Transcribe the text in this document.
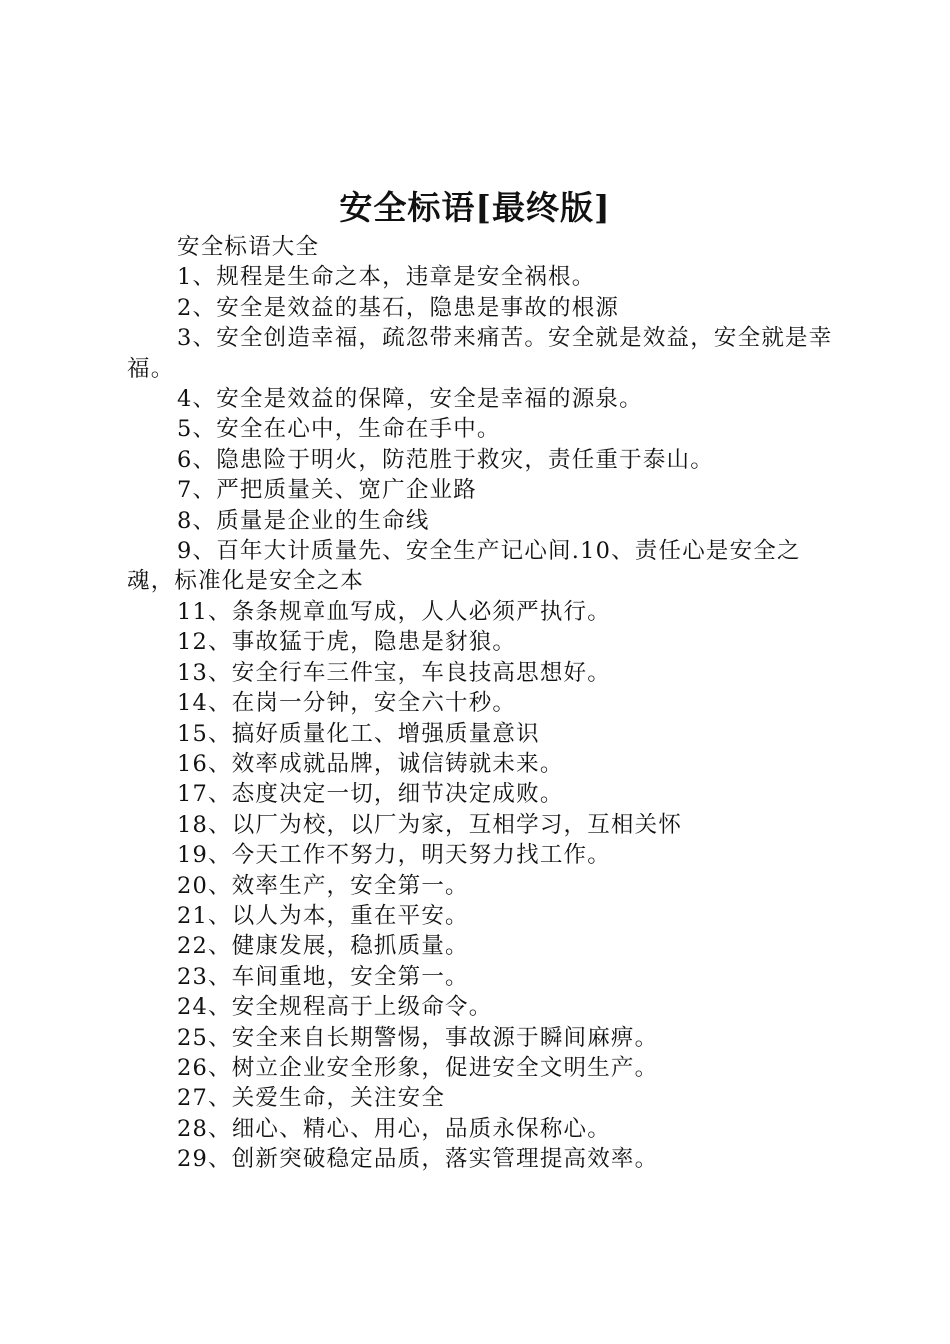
安全标语[最终版]

安全标语大全

1、规程是生命之本，违章是安全祸根。

2、安全是效益的基石，隐患是事故的根源

3、安全创造幸福，疏忽带来痛苦。安全就是效益，安全就是幸福。

4、安全是效益的保障，安全是幸福的源泉。

5、安全在心中，生命在手中。

6、隐患险于明火，防范胜于救灾，责任重于泰山。

7、严把质量关、宽广企业路

8、质量是企业的生命线

9、百年大计质量先、安全生产记心间.10、责任心是安全之魂，标准化是安全之本

11、条条规章血写成，人人必须严执行。

12、事故猛于虎，隐患是豺狼。

13、安全行车三件宝，车良技高思想好。

14、在岗一分钟，安全六十秒。

15、搞好质量化工、增强质量意识

16、效率成就品牌，诚信铸就未来。

17、态度决定一切，细节决定成败。

18、以厂为校，以厂为家，互相学习，互相关怀

19、今天工作不努力，明天努力找工作。

20、效率生产，安全第一。

21、以人为本，重在平安。

22、健康发展，稳抓质量。

23、车间重地，安全第一。

24、安全规程高于上级命令。

25、安全来自长期警惕，事故源于瞬间麻痹。

26、树立企业安全形象，促进安全文明生产。

27、关爱生命，关注安全

28、细心、精心、用心，品质永保称心。

29、创新突破稳定品质，落实管理提高效率。
